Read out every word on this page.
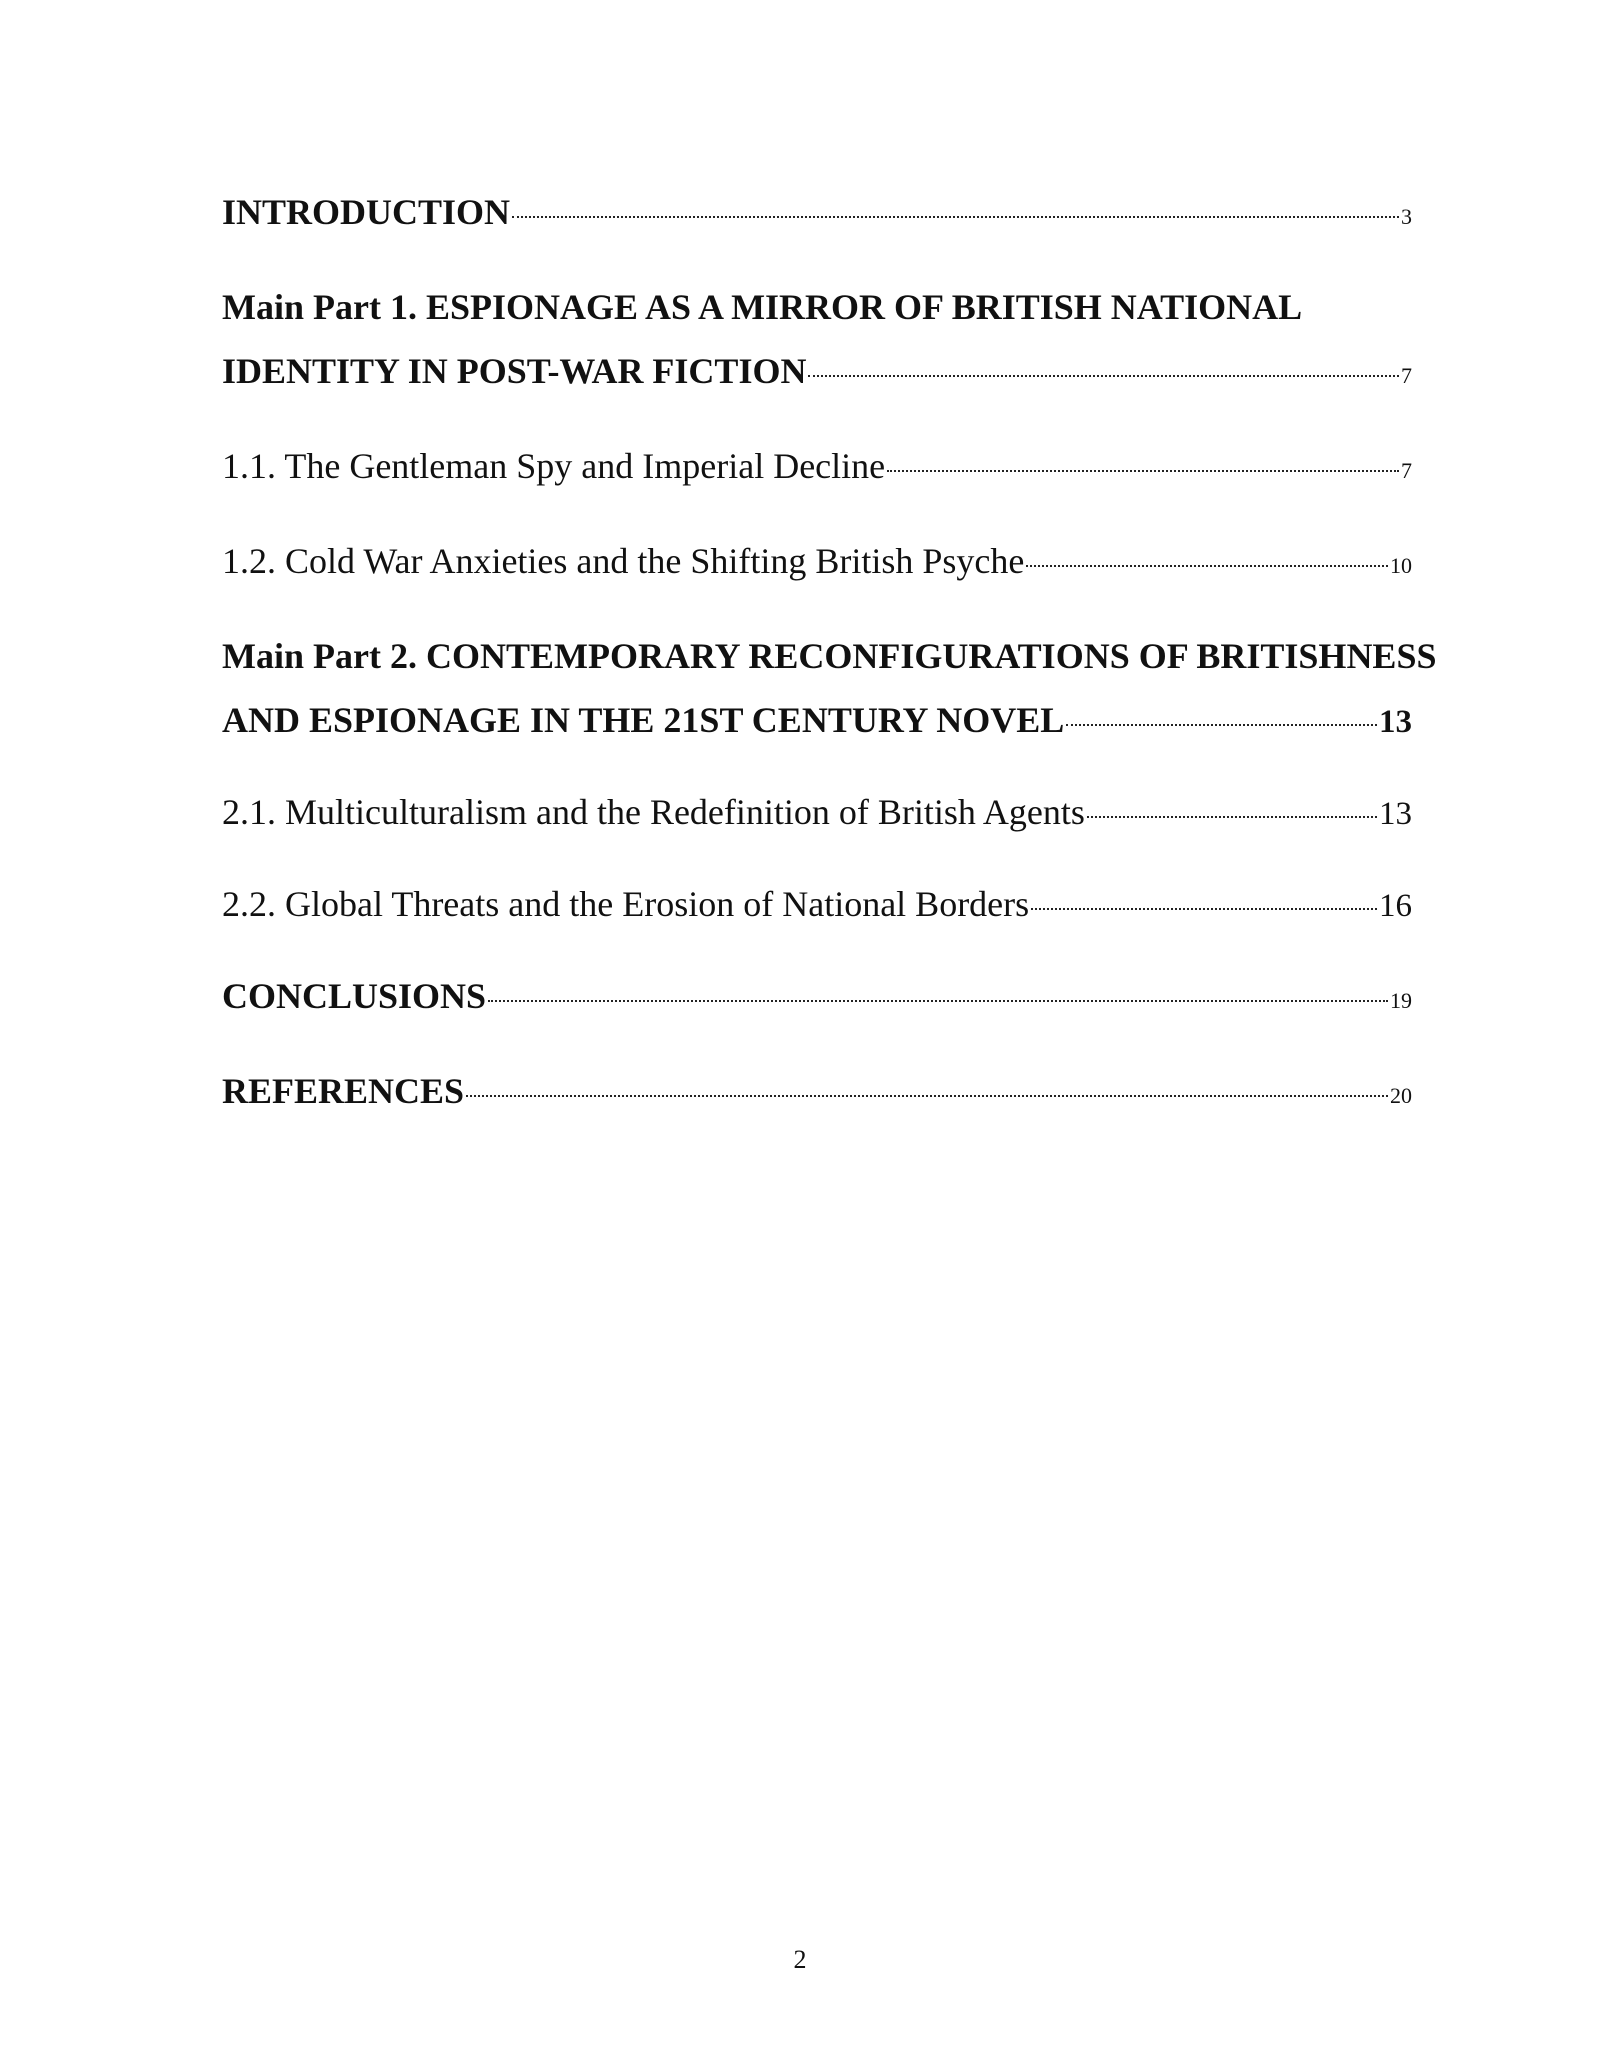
INTRODUCTION	3
Main Part 1. ESPIONAGE AS A MIRROR OF BRITISH NATIONAL
IDENTITY IN POST-WAR FICTION	7
1.1. The Gentleman Spy and Imperial Decline	7
1.2. Cold War Anxieties and the Shifting British Psyche	10
Main Part 2. CONTEMPORARY RECONFIGURATIONS OF BRITISHNESS
AND ESPIONAGE IN THE 21ST CENTURY NOVEL	13
2.1. Multiculturalism and the Redefinition of British Agents	13
2.2. Global Threats and the Erosion of National Borders	16
CONCLUSIONS	19
REFERENCES	20
2
